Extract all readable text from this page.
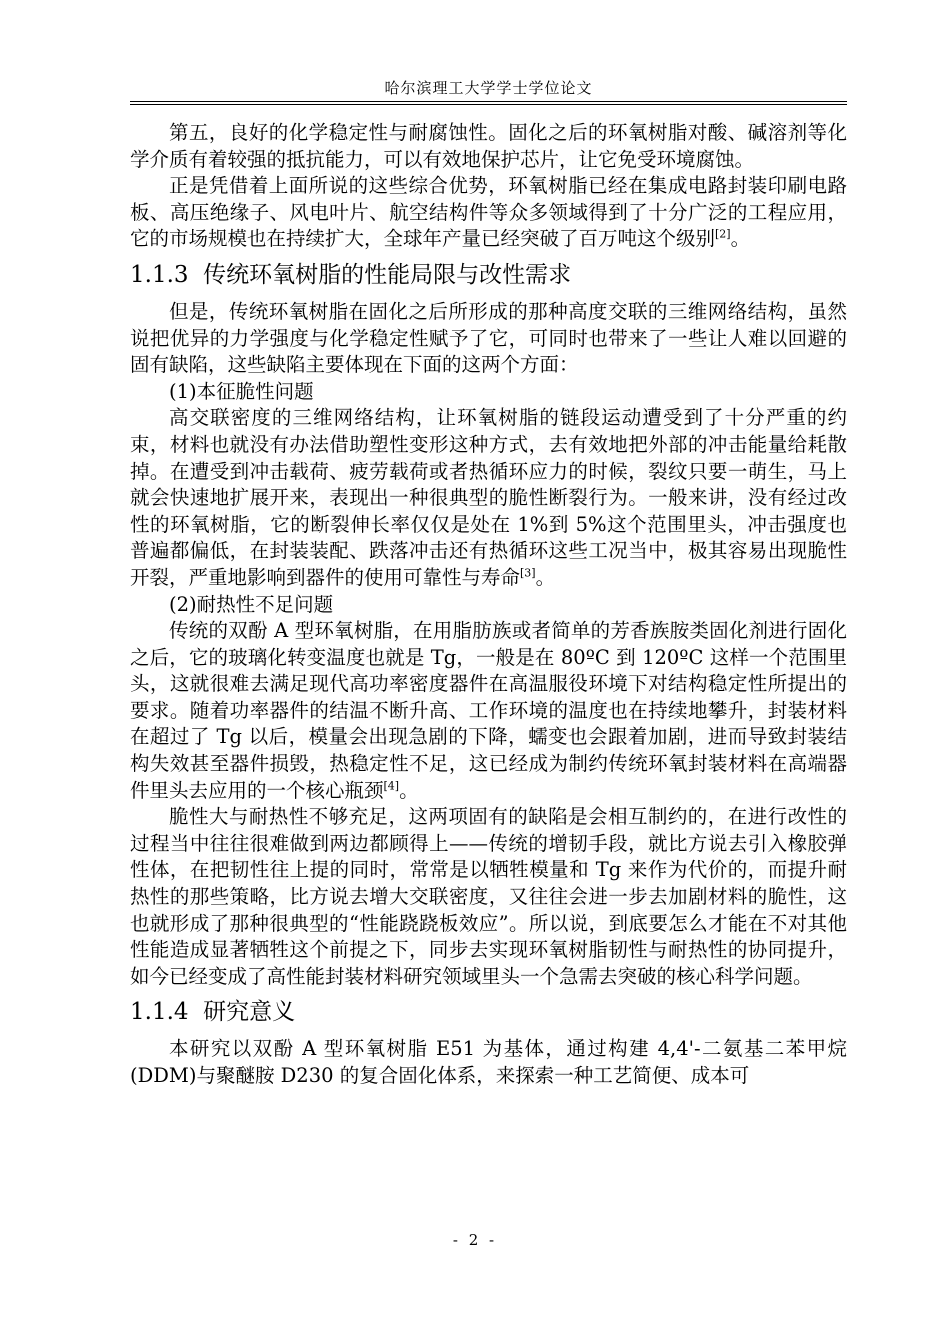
哈尔滨理工大学学士学位论文

第五，良好的化学稳定性与耐腐蚀性。固化之后的环氧树脂对酸、碱溶剂等化学介质有着较强的抵抗能力，可以有效地保护芯片，让它免受环境腐蚀。

正是凭借着上面所说的这些综合优势，环氧树脂已经在集成电路封装印刷电路板、高压绝缘子、风电叶片、航空结构件等众多领域得到了十分广泛的工程应用，它的市场规模也在持续扩大，全球年产量已经突破了百万吨这个级别[2]。

1.1.3 传统环氧树脂的性能局限与改性需求

但是，传统环氧树脂在固化之后所形成的那种高度交联的三维网络结构，虽然说把优异的力学强度与化学稳定性赋予了它，可同时也带来了一些让人难以回避的固有缺陷，这些缺陷主要体现在下面的这两个方面：

(1)本征脆性问题

高交联密度的三维网络结构，让环氧树脂的链段运动遭受到了十分严重的约束，材料也就没有办法借助塑性变形这种方式，去有效地把外部的冲击能量给耗散掉。在遭受到冲击载荷、疲劳载荷或者热循环应力的时候，裂纹只要一萌生，马上就会快速地扩展开来，表现出一种很典型的脆性断裂行为。一般来讲，没有经过改性的环氧树脂，它的断裂伸长率仅仅是处在 1%到 5%这个范围里头，冲击强度也普遍都偏低，在封装装配、跌落冲击还有热循环这些工况当中，极其容易出现脆性开裂，严重地影响到器件的使用可靠性与寿命[3]。

(2)耐热性不足问题

传统的双酚 A 型环氧树脂，在用脂肪族或者简单的芳香族胺类固化剂进行固化之后，它的玻璃化转变温度也就是 Tg，一般是在 80ºC 到 120ºC 这样一个范围里头，这就很难去满足现代高功率密度器件在高温服役环境下对结构稳定性所提出的要求。随着功率器件的结温不断升高、工作环境的温度也在持续地攀升，封装材料在超过了 Tg 以后，模量会出现急剧的下降，蠕变也会跟着加剧，进而导致封装结构失效甚至器件损毁，热稳定性不足，这已经成为制约传统环氧封装材料在高端器件里头去应用的一个核心瓶颈[4]。

脆性大与耐热性不够充足，这两项固有的缺陷是会相互制约的，在进行改性的过程当中往往很难做到两边都顾得上——传统的增韧手段，就比方说去引入橡胶弹性体，在把韧性往上提的同时，常常是以牺牲模量和 Tg 来作为代价的，而提升耐热性的那些策略，比方说去增大交联密度，又往往会进一步去加剧材料的脆性，这也就形成了那种很典型的“性能跷跷板效应”。所以说，到底要怎么才能在不对其他性能造成显著牺牲这个前提之下，同步去实现环氧树脂韧性与耐热性的协同提升，如今已经变成了高性能封装材料研究领域里头一个急需去突破的核心科学问题。

1.1.4 研究意义

本研究以双酚 A 型环氧树脂 E51 为基体，通过构建 4,4'-二氨基二苯甲烷(DDM)与聚醚胺 D230 的复合固化体系，来探索一种工艺简便、成本可

- 2 -
